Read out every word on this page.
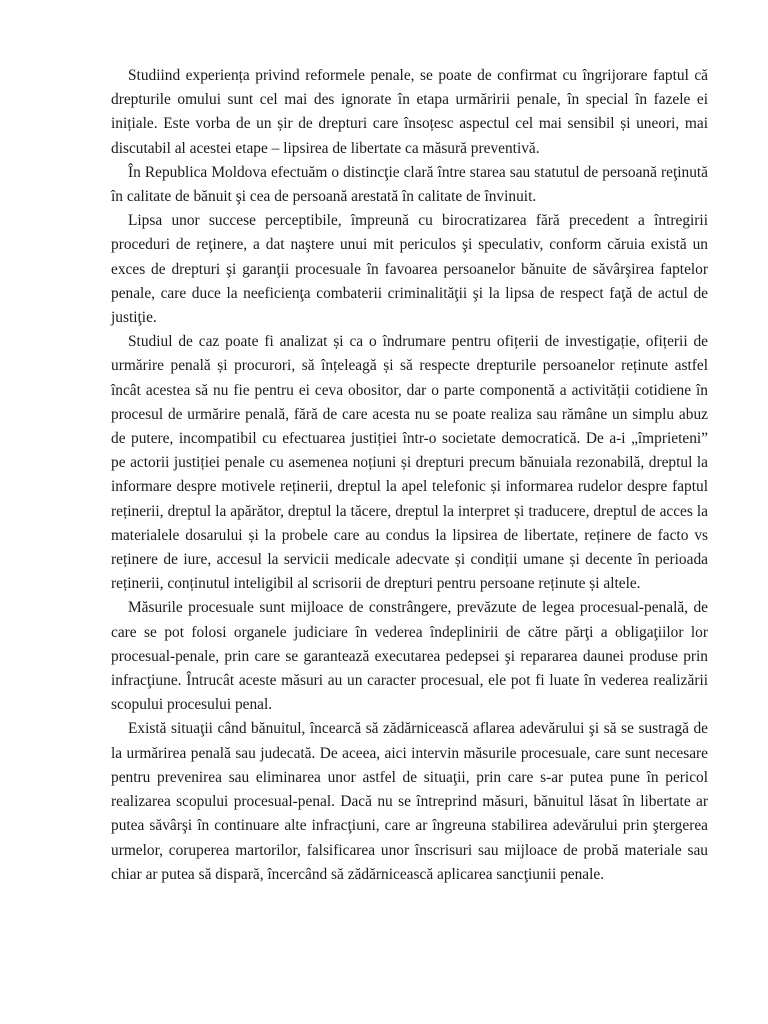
Studiind experiența privind reformele penale, se poate de confirmat cu îngrijorare faptul că drepturile omului sunt cel mai des ignorate în etapa urmăririi penale, în special în fazele ei inițiale. Este vorba de un șir de drepturi care însoțesc aspectul cel mai sensibil și uneori, mai discutabil al acestei etape – lipsirea de libertate ca măsură preventivă.

În Republica Moldova efectuăm o distincţie clară între starea sau statutul de persoană reţinută în calitate de bănuit şi cea de persoană arestată în calitate de învinuit.

Lipsa unor succese perceptibile, împreună cu birocratizarea fără precedent a întregirii proceduri de reţinere, a dat naştere unui mit periculos şi speculativ, conform căruia există un exces de drepturi şi garanţii procesuale în favoarea persoanelor bănuite de săvârşirea faptelor penale, care duce la neeficienţa combaterii criminalităţii şi la lipsa de respect faţă de actul de justiţie.

Studiul de caz poate fi analizat și ca o îndrumare pentru ofițerii de investigație, ofițerii de urmărire penală și procurori, să înțeleagă și să respecte drepturile persoanelor reținute astfel încât acestea să nu fie pentru ei ceva obositor, dar o parte componentă a activității cotidiene în procesul de urmărire penală, fără de care acesta nu se poate realiza sau rămâne un simplu abuz de putere, incompatibil cu efectuarea justiției într-o societate democratică. De a-i „împrieteni” pe actorii justiției penale cu asemenea noțiuni și drepturi precum bănuiala rezonabilă, dreptul la informare despre motivele reținerii, dreptul la apel telefonic și informarea rudelor despre faptul reținerii, dreptul la apărător, dreptul la tăcere, dreptul la interpret și traducere, dreptul de acces la materialele dosarului și la probele care au condus la lipsirea de libertate, reținere de facto vs reținere de iure, accesul la servicii medicale adecvate și condiții umane și decente în perioada reținerii, conținutul inteligibil al scrisorii de drepturi pentru persoane reținute și altele.

Măsurile procesuale sunt mijloace de constrângere, prevăzute de legea procesual-penală, de care se pot folosi organele judiciare în vederea îndeplinirii de către părţi a obligaţiilor lor procesual-penale, prin care se garantează executarea pedepsei şi repararea daunei produse prin infracţiune. Întrucât aceste măsuri au un caracter procesual, ele pot fi luate în vederea realizării scopului procesului penal.

Există situaţii când bănuitul, încearcă să zădărnicească aflarea adevărului şi să se sustragă de la urmărirea penală sau judecată. De aceea, aici intervin măsurile procesuale, care sunt necesare pentru prevenirea sau eliminarea unor astfel de situaţii, prin care s-ar putea pune în pericol realizarea scopului procesual-penal. Dacă nu se întreprind măsuri, bănuitul lăsat în libertate ar putea săvârşi în continuare alte infracţiuni, care ar îngreuna stabilirea adevărului prin ştergerea urmelor, coruperea martorilor, falsificarea unor înscrisuri sau mijloace de probă materiale sau chiar ar putea să dispară, încercând să zădărnicească aplicarea sancţiunii penale.
